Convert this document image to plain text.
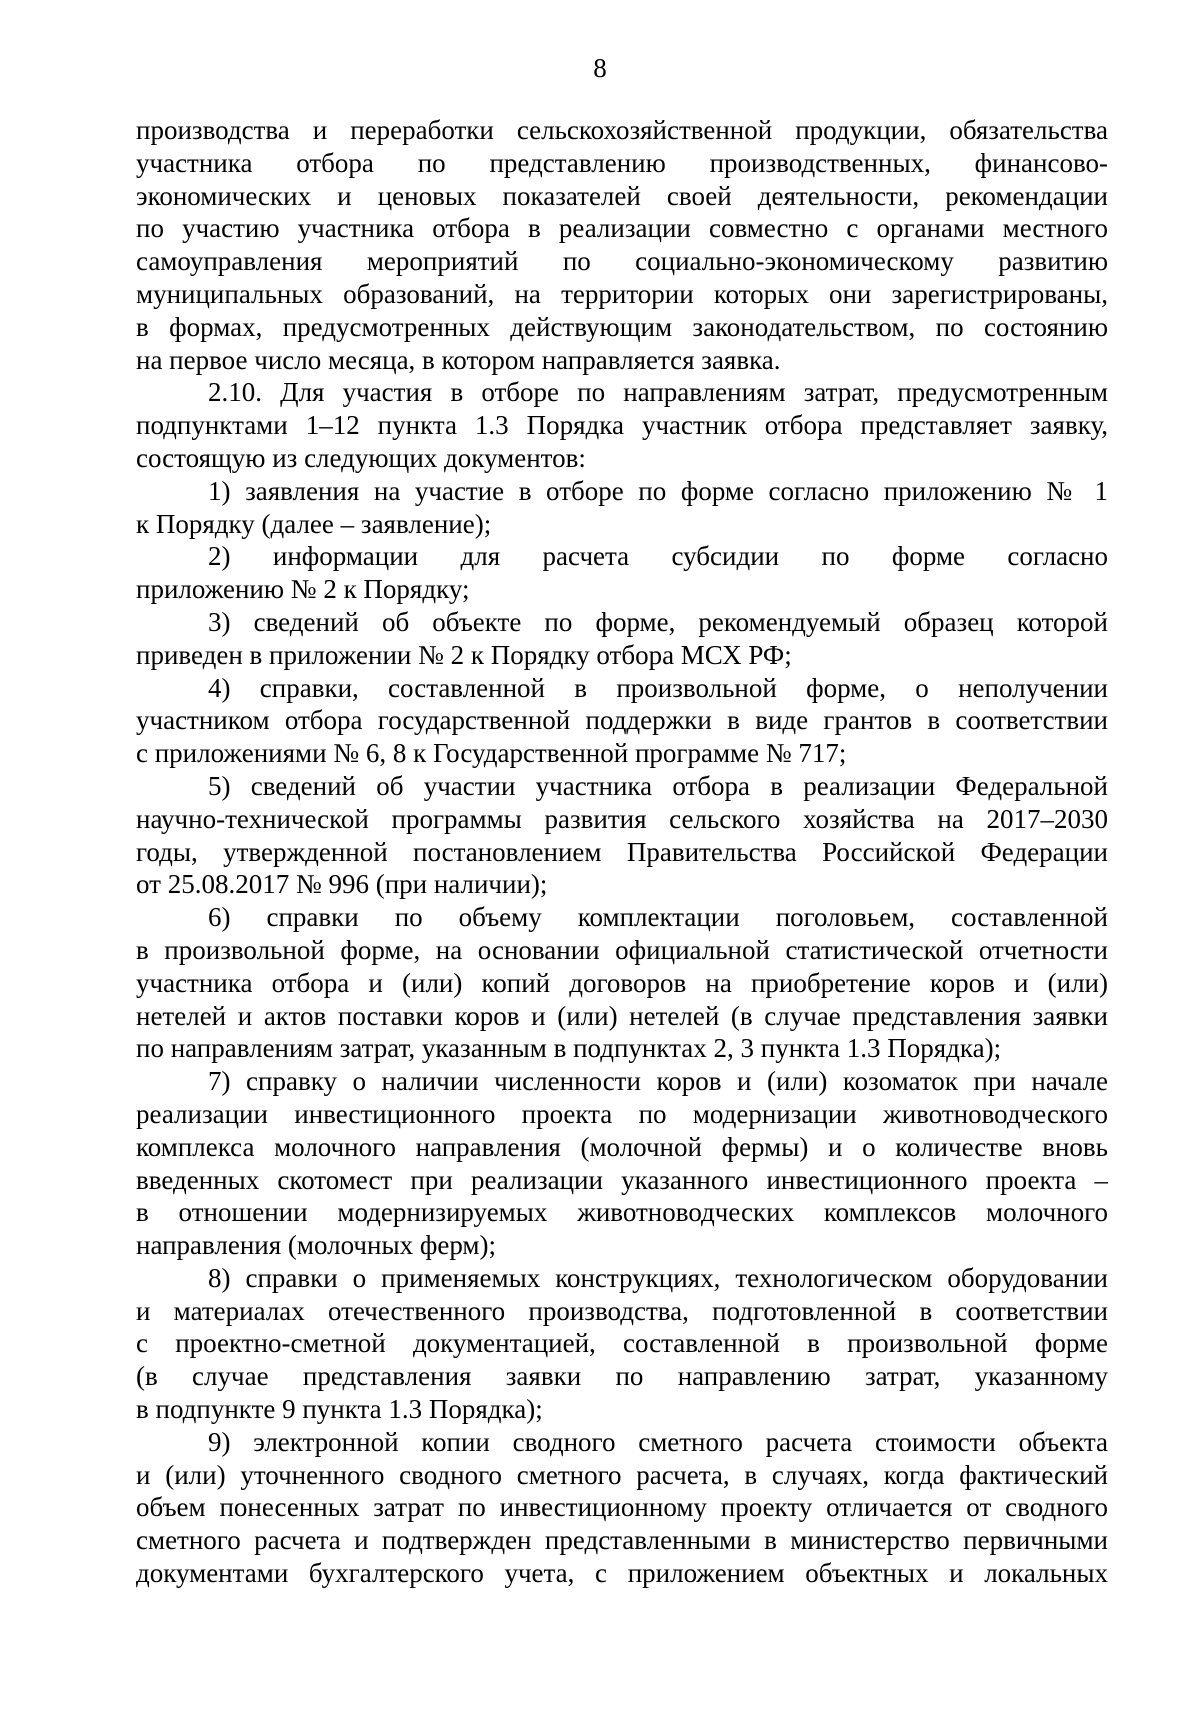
8

производства и переработки сельскохозяйственной продукции, обязательства

участника отбора по представлению производственных, финансово-

экономических и ценовых показателей своей деятельности, рекомендации

по участию участника отбора в реализации совместно с органами местного

самоуправления мероприятий по социально-экономическому развитию

муниципальных образований, на территории которых они зарегистрированы,

в формах, предусмотренных действующим законодательством, по состоянию

на первое число месяца, в котором направляется заявка.

2.10. Для участия в отборе по направлениям затрат, предусмотренным

подпунктами 1–12 пункта 1.3 Порядка участник отбора представляет заявку,

состоящую из следующих документов:

1) заявления на участие в отборе по форме согласно приложению № 1

к Порядку (далее – заявление);

2) информации для расчета субсидии по форме согласно

приложению № 2 к Порядку;

3) сведений об объекте по форме, рекомендуемый образец которой

приведен в приложении № 2 к Порядку отбора МСХ РФ;

4) справки, составленной в произвольной форме, о неполучении

участником отбора государственной поддержки в виде грантов в соответствии

с приложениями № 6, 8 к Государственной программе № 717;

5) сведений об участии участника отбора в реализации Федеральной

научно-технической программы развития сельского хозяйства на 2017–2030

годы, утвержденной постановлением Правительства Российской Федерации

от 25.08.2017 № 996 (при наличии);

6) справки по объему комплектации поголовьем, составленной

в произвольной форме, на основании официальной статистической отчетности

участника отбора и (или) копий договоров на приобретение коров и (или)

нетелей и актов поставки коров и (или) нетелей (в случае представления заявки

по направлениям затрат, указанным в подпунктах 2, 3 пункта 1.3 Порядка);

7) справку о наличии численности коров и (или) козоматок при начале

реализации инвестиционного проекта по модернизации животноводческого

комплекса молочного направления (молочной фермы) и о количестве вновь

введенных скотомест при реализации указанного инвестиционного проекта –

в отношении модернизируемых животноводческих комплексов молочного

направления (молочных ферм);

8) справки о применяемых конструкциях, технологическом оборудовании

и материалах отечественного производства, подготовленной в соответствии

с проектно-сметной документацией, составленной в произвольной форме

(в случае представления заявки по направлению затрат, указанному

в подпункте 9 пункта 1.3 Порядка);

9) электронной копии сводного сметного расчета стоимости объекта

и (или) уточненного сводного сметного расчета, в случаях, когда фактический

объем понесенных затрат по инвестиционному проекту отличается от сводного

сметного расчета и подтвержден представленными в министерство первичными

документами бухгалтерского учета, с приложением объектных и локальных
